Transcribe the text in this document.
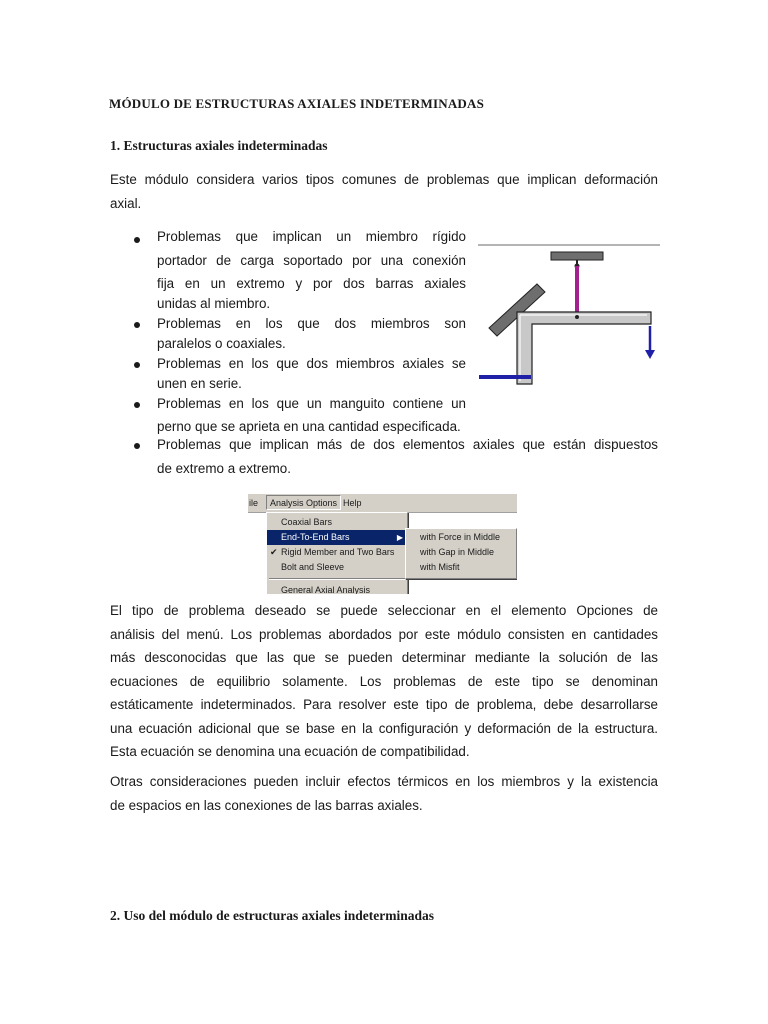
MÓDULO DE ESTRUCTURAS AXIALES INDETERMINADAS
1. Estructuras axiales indeterminadas
Este módulo considera varios tipos comunes de problemas que implican deformación
axial.
Problemas que implican un miembro rígido
portador de carga soportado por una conexión
fija en un extremo y por dos barras axiales
unidas al miembro.
Problemas en los que dos miembros son
paralelos o coaxiales.
Problemas en los que dos miembros axiales se
unen en serie.
Problemas en los que un manguito contiene un
perno que se aprieta en una cantidad especificada.
Problemas que implican más de dos elementos axiales que están dispuestos
de extremo a extremo.
ile	Analysis Options Help
Coaxial Bars
End-To-End Bars	▶
✔ Rigid Member and Two Bars
Bolt and Sleeve
General Axial Analysis
with Force in Middle
with Gap in Middle
with Misfit
El tipo de problema deseado se puede seleccionar en el elemento Opciones de
análisis del menú. Los problemas abordados por este módulo consisten en cantidades
más desconocidas que las que se pueden determinar mediante la solución de las
ecuaciones de equilibrio solamente. Los problemas de este tipo se denominan
estáticamente indeterminados. Para resolver este tipo de problema, debe desarrollarse
una ecuación adicional que se base en la configuración y deformación de la estructura.
Esta ecuación se denomina una ecuación de compatibilidad.
Otras consideraciones pueden incluir efectos térmicos en los miembros y la existencia
de espacios en las conexiones de las barras axiales.
2. Uso del módulo de estructuras axiales indeterminadas
